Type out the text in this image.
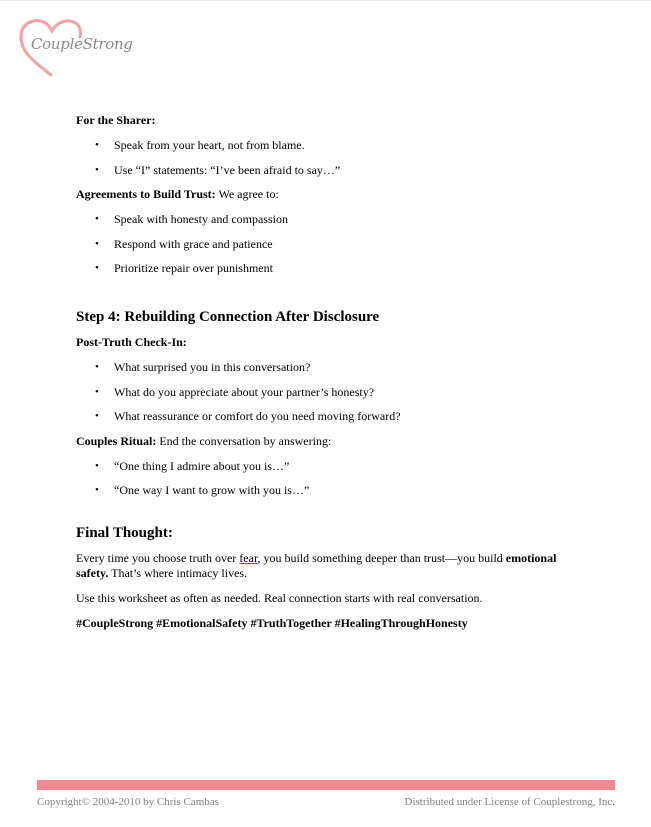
CoupleStrong

For the Sharer:

• Speak from your heart, not from blame.
• Use “I” statements: “I’ve been afraid to say…”

Agreements to Build Trust: We agree to:

• Speak with honesty and compassion
• Respond with grace and patience
• Prioritize repair over punishment
Step 4: Rebuilding Connection After Disclosure

Post-Truth Check-In:

• What surprised you in this conversation?
• What do you appreciate about your partner’s honesty?
• What reassurance or comfort do you need moving forward?

Couples Ritual: End the conversation by answering:

• “One thing I admire about you is…”
• “One way I want to grow with you is…”
Final Thought:

Every time you choose truth over fear, you build something deeper than trust—you build emotional safety. That’s where intimacy lives.

Use this worksheet as often as needed. Real connection starts with real conversation.

#CoupleStrong #EmotionalSafety #TruthTogether #HealingThroughHonesty

Copyright© 2004-2010 by Chris Cambas	Distributed under License of Couplestrong, Inc.
